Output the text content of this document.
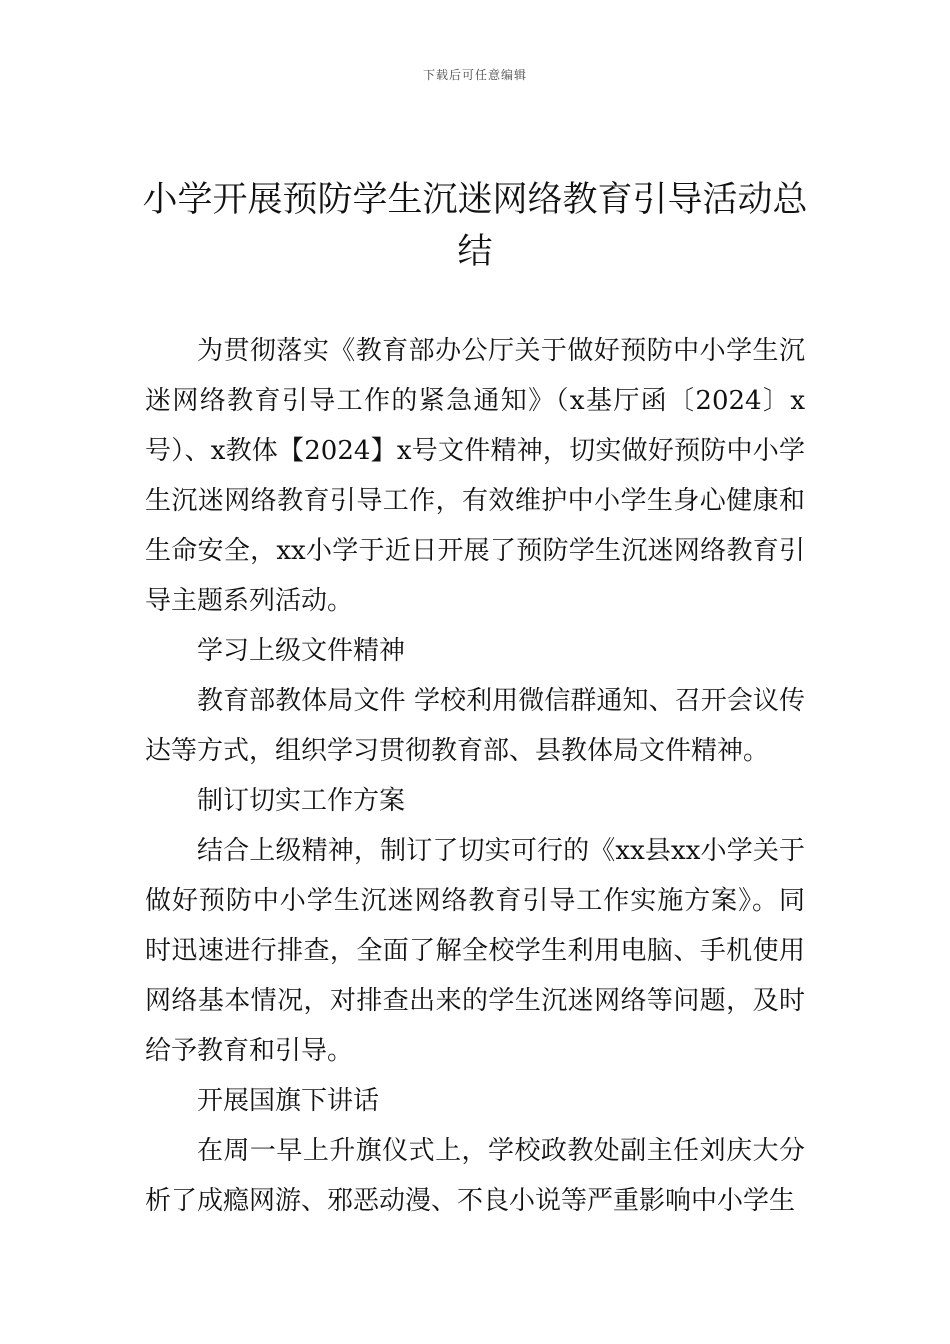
下载后可任意编辑
小学开展预防学生沉迷网络教育引导活动总结

为贯彻落实《教育部办公厅关于做好预防中小学生沉迷网络教育引导工作的紧急通知》（x基厅函〔2024〕x号）、x教体【2024】x号文件精神，切实做好预防中小学生沉迷网络教育引导工作，有效维护中小学生身心健康和生命安全，xx小学于近日开展了预防学生沉迷网络教育引导主题系列活动。

学习上级文件精神

教育部教体局文件 学校利用微信群通知、召开会议传达等方式，组织学习贯彻教育部、县教体局文件精神。

制订切实工作方案

结合上级精神，制订了切实可行的《xx县xx小学关于做好预防中小学生沉迷网络教育引导工作实施方案》。同时迅速进行排查，全面了解全校学生利用电脑、手机使用网络基本情况，对排查出来的学生沉迷网络等问题，及时给予教育和引导。

开展国旗下讲话

在周一早上升旗仪式上，学校政教处副主任刘庆大分析了成瘾网游、邪恶动漫、不良小说等严重影响中小学生
